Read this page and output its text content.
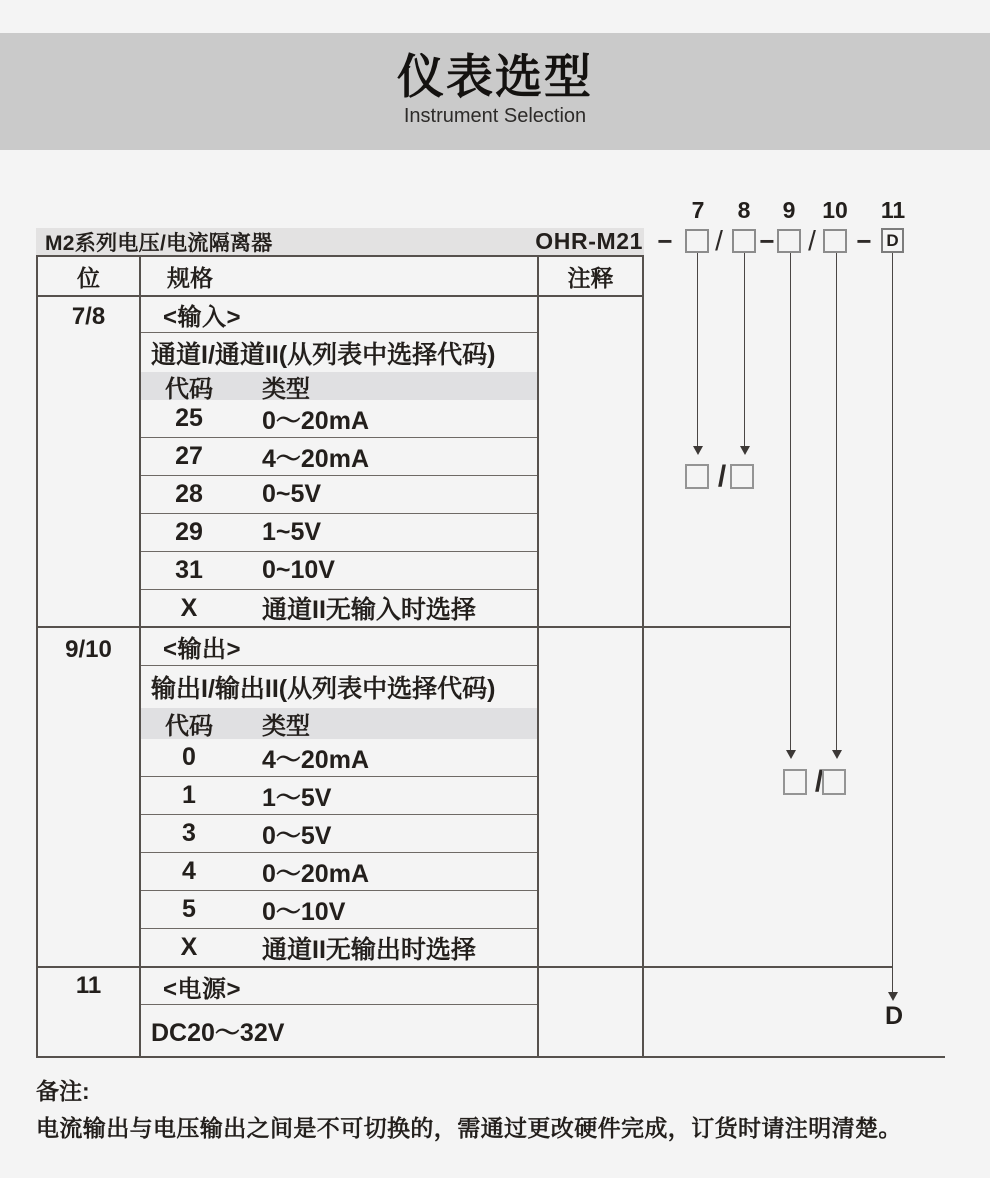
仪表选型
Instrument Selection
M2系列电压/电流隔离器	OHR-M21
位	规格	注释
7/8	<输入>
通道I/通道II(从列表中选择代码)
代码	类型
25	0～20mA
27	4～20mA
28	0~5V
29	1~5V
31	0~10V
X	通道II无输入时选择
9/10	<输出>
输出I/输出II(从列表中选择代码)
代码	类型
0	4～20mA
1	1～5V
3	0～5V
4	0～20mA
5	0～10V
X	通道II无输出时选择
11	<电源>
DC20～32V
7	8	9	10 11
−	/	−	/	− D
/
/
D
备注:
电流输出与电压输出之间是不可切换的，需通过更改硬件完成，订货时请注明清楚。
